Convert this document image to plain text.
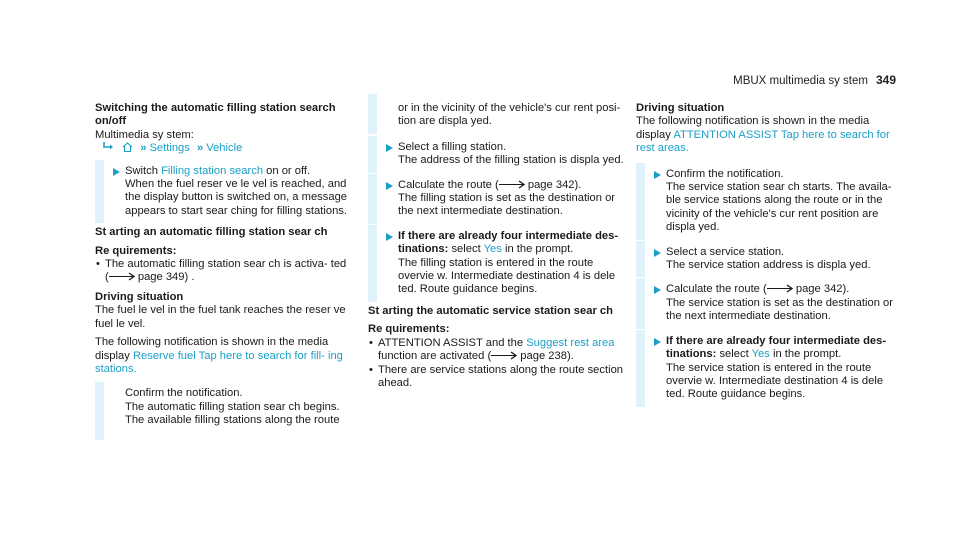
MBUX multimedia sy stem 349

Switching the automatic filling station search on/off

Multimedia sy stem:

» Settings » Vehicle

Switch Filling station search on or off.

When the fuel reser ve le vel is reached, and the display button is switched on, a message appears to start sear ching for filling stations.

St arting an automatic filling station sear ch

Re quirements:

• The automatic filling station sear ch is activa‐ ted ( page 349) .

Driving situation

The fuel le vel in the fuel tank reaches the reser ve fuel le vel.

The following notification is shown in the media display Reserve fuel Tap here to search for fill‐ ing stations.

Confirm the notification.

The automatic filling station sear ch begins. The available filling stations along the route

or in the vicinity of the vehicle's cur rent posi‐ tion are displa yed.

Select a filling station.

The address of the filling station is displa yed.

Calculate the route ( page 342).

The filling station is set as the destination or the next intermediate destination.

If there are already four intermediate des‐ tinations: select Yes in the prompt.

The filling station is entered in the route overvie w. Intermediate destination 4 is dele ted. Route guidance begins.

St arting the automatic service station sear ch

Re quirements:

• ATTENTION ASSIST and the Suggest rest area function are activated ( page 238).

• There are service stations along the route section ahead.

Driving situation

The following notification is shown in the media display ATTENTION ASSIST Tap here to search for rest areas.

Confirm the notification.

The service station sear ch starts. The availa‐ ble service stations along the route or in the vicinity of the vehicle's cur rent position are displa yed.

Select a service station.

The service station address is displa yed.

Calculate the route ( page 342).

The service station is set as the destination or the next intermediate destination.

If there are already four intermediate des‐ tinations: select Yes in the prompt.

The service station is entered in the route overvie w. Intermediate destination 4 is dele ted. Route guidance begins.
